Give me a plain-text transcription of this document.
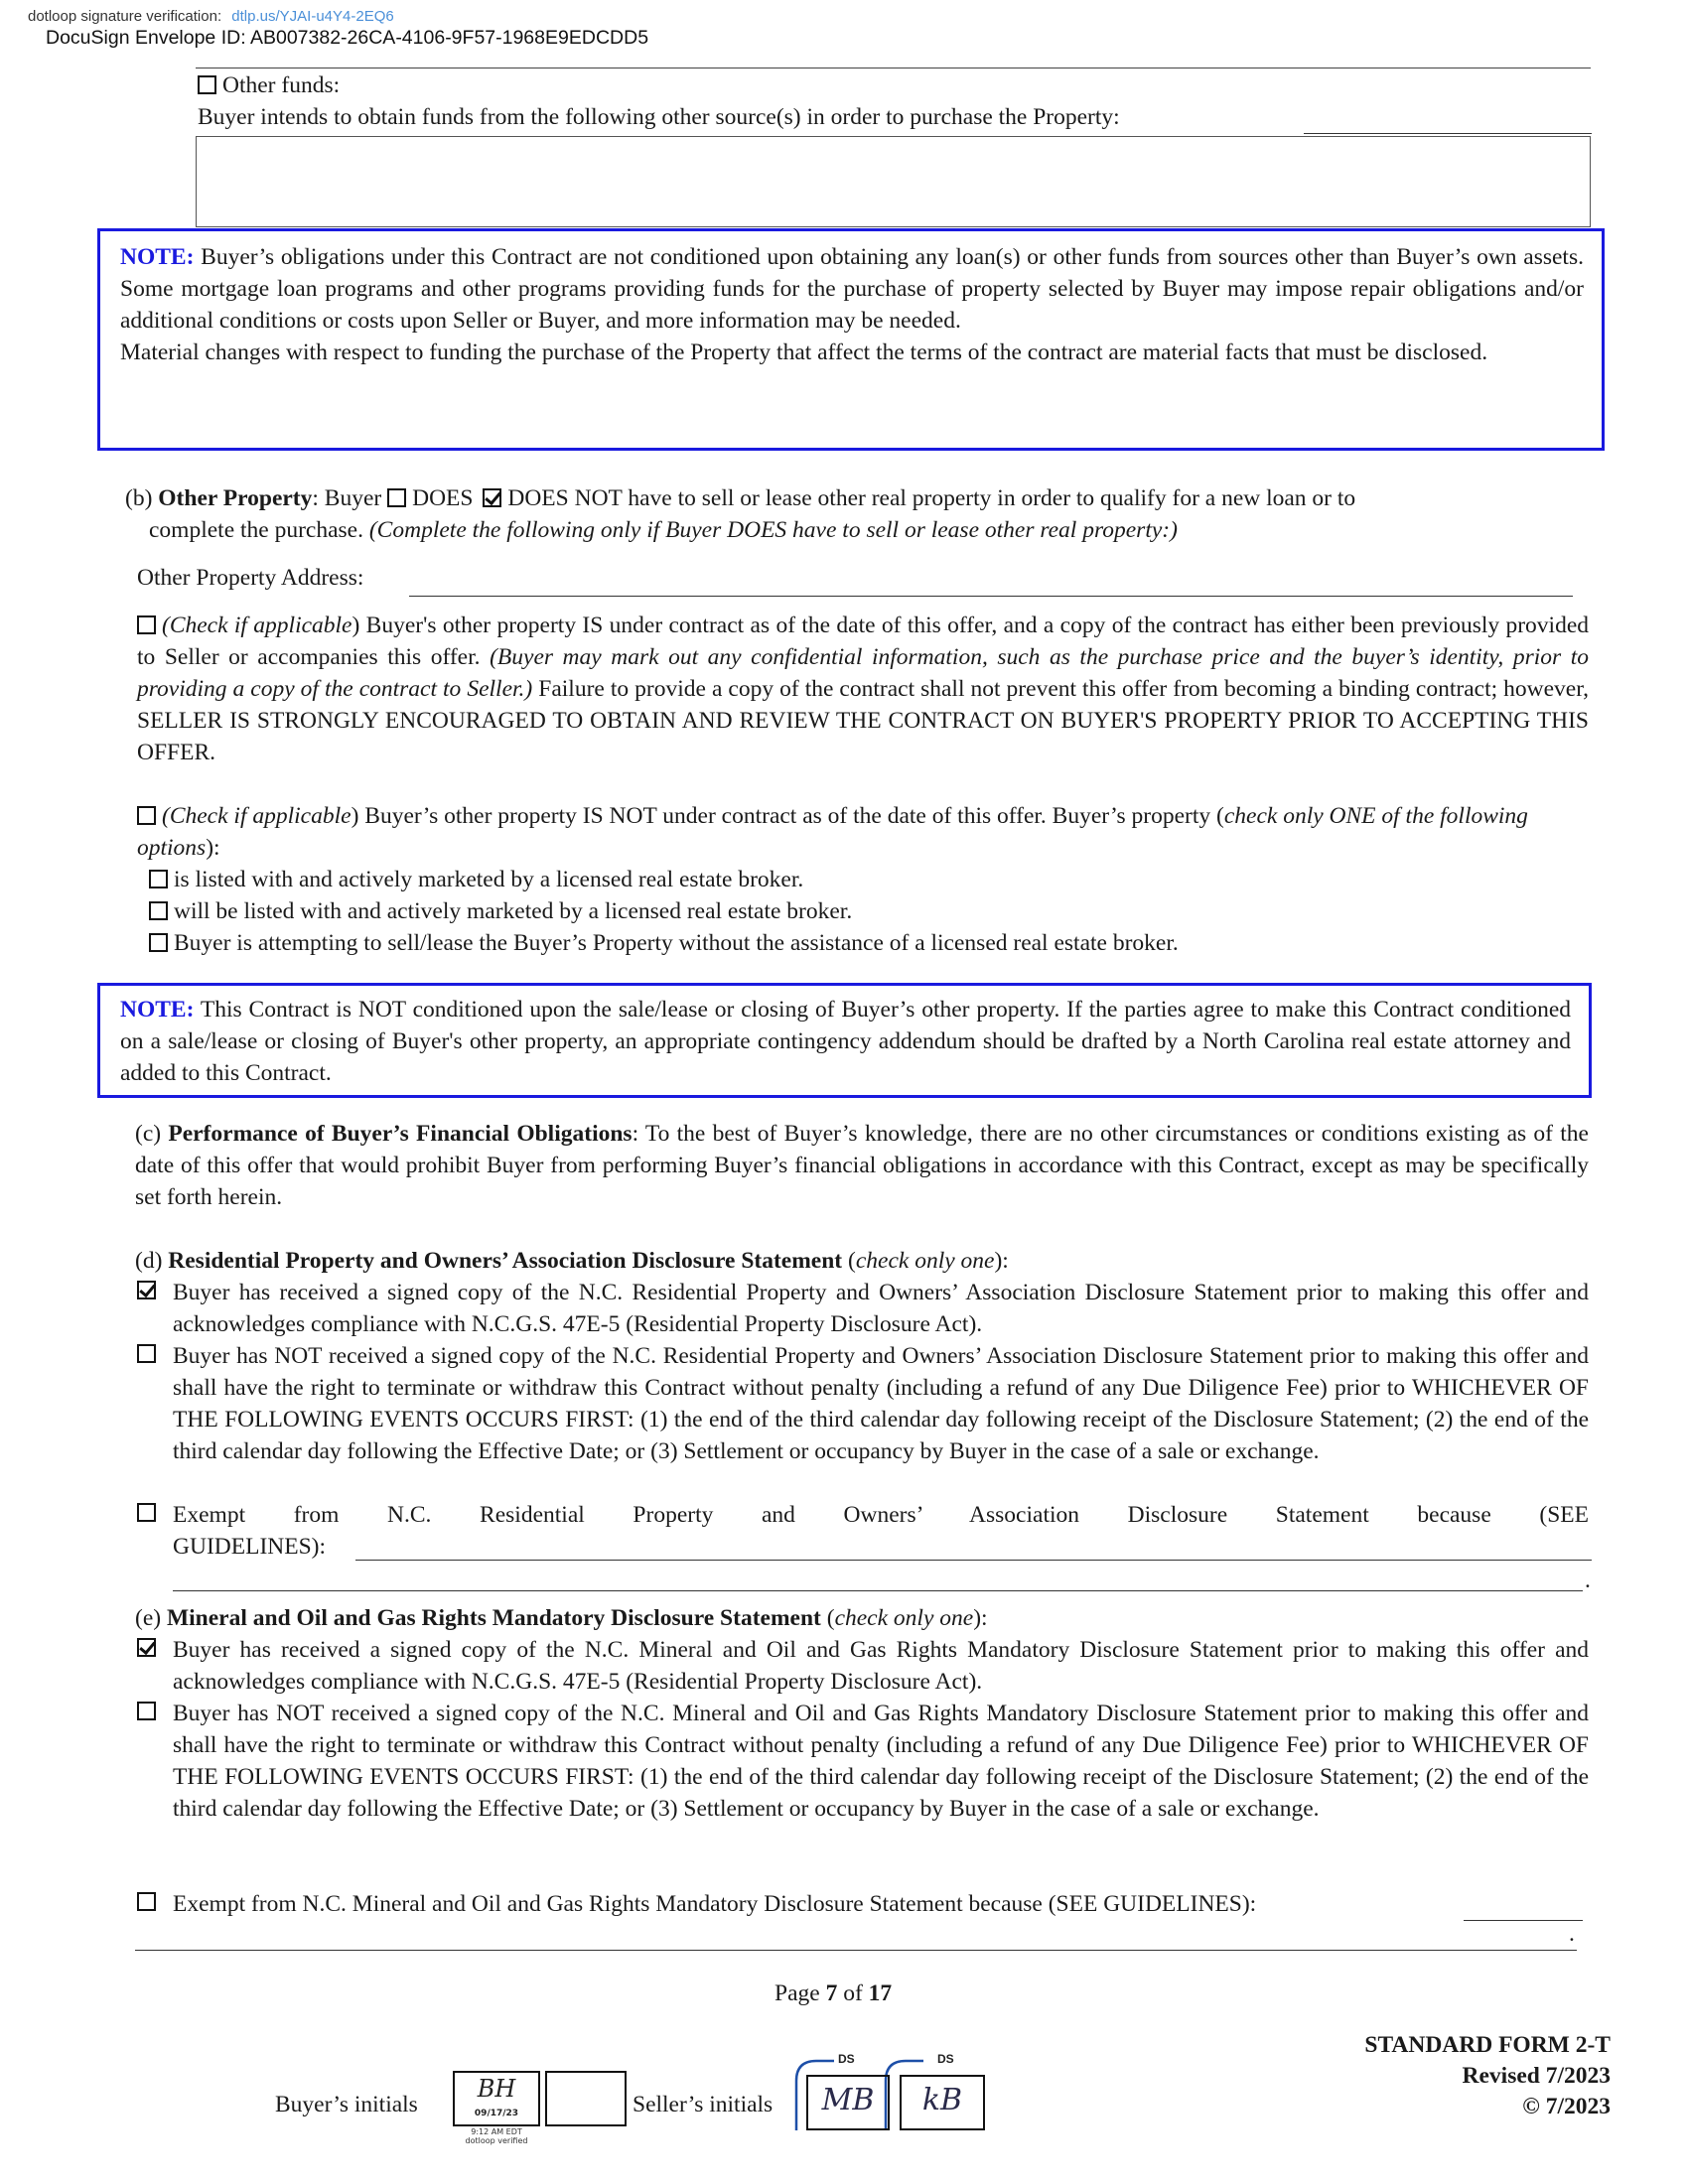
dotloop signature verification: dtlp.us/YJAI-u4Y4-2EQ6
DocuSign Envelope ID: AB007382-26CA-4106-9F57-1968E9EDCDD5
Other funds:
Buyer intends to obtain funds from the following other source(s) in order to purchase the Property:
NOTE: Buyer’s obligations under this Contract are not conditioned upon obtaining any loan(s) or other funds from sources other than Buyer’s own assets. Some mortgage loan programs and other programs providing funds for the purchase of property selected by Buyer may impose repair obligations and/or additional conditions or costs upon Seller or Buyer, and more information may be needed.
Material changes with respect to funding the purchase of the Property that affect the terms of the contract are material facts that must be disclosed.
(b) Other Property: Buyer DOES DOES NOT have to sell or lease other real property in order to qualify for a new loan or to
complete the purchase. (Complete the following only if Buyer DOES have to sell or lease other real property:)
Other Property Address:
(Check if applicable) Buyer's other property IS under contract as of the date of this offer, and a copy of the contract has either been previously provided to Seller or accompanies this offer. (Buyer may mark out any confidential information, such as the purchase price and the buyer’s identity, prior to providing a copy of the contract to Seller.) Failure to provide a copy of the contract shall not prevent this offer from becoming a binding contract; however, SELLER IS STRONGLY ENCOURAGED TO OBTAIN AND REVIEW THE CONTRACT ON BUYER'S PROPERTY PRIOR TO ACCEPTING THIS OFFER.
(Check if applicable) Buyer’s other property IS NOT under contract as of the date of this offer. Buyer’s property (check only ONE of the following options):
is listed with and actively marketed by a licensed real estate broker.
will be listed with and actively marketed by a licensed real estate broker.
Buyer is attempting to sell/lease the Buyer’s Property without the assistance of a licensed real estate broker.
NOTE: This Contract is NOT conditioned upon the sale/lease or closing of Buyer’s other property. If the parties agree to make this Contract conditioned on a sale/lease or closing of Buyer's other property, an appropriate contingency addendum should be drafted by a North Carolina real estate attorney and added to this Contract.
(c) Performance of Buyer’s Financial Obligations: To the best of Buyer’s knowledge, there are no other circumstances or conditions existing as of the date of this offer that would prohibit Buyer from performing Buyer’s financial obligations in accordance with this Contract, except as may be specifically set forth herein.
(d) Residential Property and Owners’ Association Disclosure Statement (check only one):
Buyer has received a signed copy of the N.C. Residential Property and Owners’ Association Disclosure Statement prior to making this offer and acknowledges compliance with N.C.G.S. 47E-5 (Residential Property Disclosure Act).
Buyer has NOT received a signed copy of the N.C. Residential Property and Owners’ Association Disclosure Statement prior to making this offer and shall have the right to terminate or withdraw this Contract without penalty (including a refund of any Due Diligence Fee) prior to WHICHEVER OF THE FOLLOWING EVENTS OCCURS FIRST: (1) the end of the third calendar day following receipt of the Disclosure Statement; (2) the end of the third calendar day following the Effective Date; or (3) Settlement or occupancy by Buyer in the case of a sale or exchange.
Exempt from N.C. Residential Property and Owners’ Association Disclosure Statement because (SEE
GUIDELINES):
.
(e) Mineral and Oil and Gas Rights Mandatory Disclosure Statement (check only one):
Buyer has received a signed copy of the N.C. Mineral and Oil and Gas Rights Mandatory Disclosure Statement prior to making this offer and acknowledges compliance with N.C.G.S. 47E-5 (Residential Property Disclosure Act).
Buyer has NOT received a signed copy of the N.C. Mineral and Oil and Gas Rights Mandatory Disclosure Statement prior to making this offer and shall have the right to terminate or withdraw this Contract without penalty (including a refund of any Due Diligence Fee) prior to WHICHEVER OF THE FOLLOWING EVENTS OCCURS FIRST: (1) the end of the third calendar day following receipt of the Disclosure Statement; (2) the end of the third calendar day following the Effective Date; or (3) Settlement or occupancy by Buyer in the case of a sale or exchange.
Exempt from N.C. Mineral and Oil and Gas Rights Mandatory Disclosure Statement because (SEE GUIDELINES):
.
Page 7 of 17
STANDARD FORM 2-T
Revised 7/2023
© 7/2023
Buyer’s initials
BH
09/17/23
9:12 AM EDT
dotloop verified
Seller’s initials
DS	DS
MB	kB
